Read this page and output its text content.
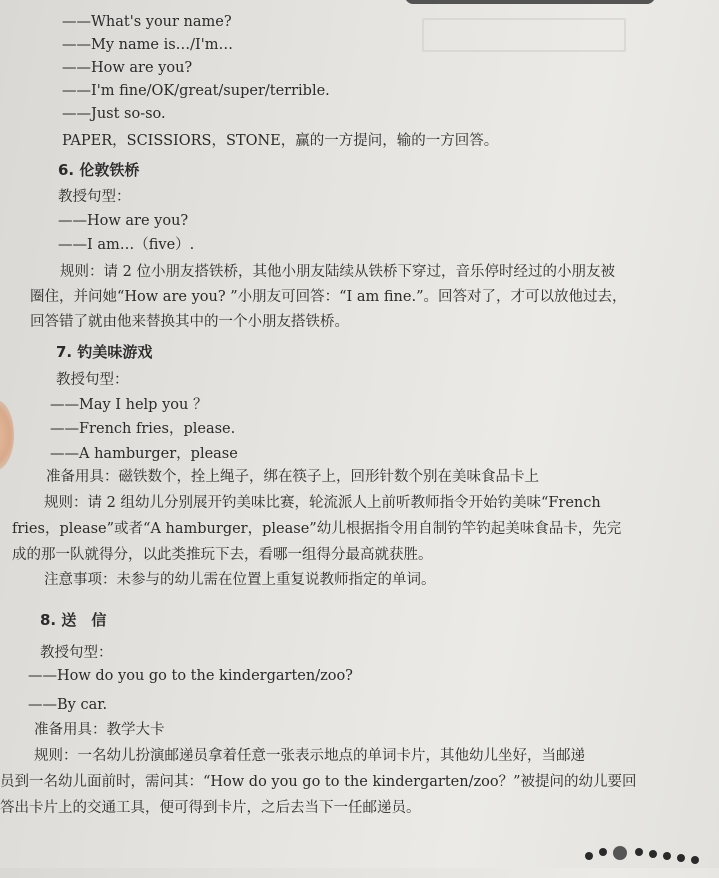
——What's your name?
——My name is…/I'm…
——How are you?
——I'm fine/OK/great/super/terrible.
——Just so-so.
PAPER，SCISSIORS，STONE，赢的一方提问，输的一方回答。
6. 伦敦铁桥
教授句型：
——How are you?
——I am…（five）.
规则：请 2 位小朋友搭铁桥，其他小朋友陆续从铁桥下穿过，音乐停时经过的小朋友被
圈住，并问她“How are you? ”小朋友可回答：“I am fine.”。回答对了，才可以放他过去，
回答错了就由他来替换其中的一个小朋友搭铁桥。
7. 钓美味游戏
教授句型：
——May I help you ？
——French fries，please.
——A hamburger，please
准备用具：磁铁数个，拴上绳子，绑在筷子上，回形针数个别在美味食品卡上
规则：请 2 组幼儿分别展开钓美味比赛，轮流派人上前听教师指令开始钓美味“French
fries，please”或者“A hamburger，please”幼儿根据指令用自制钓竿钓起美味食品卡，先完
成的那一队就得分，以此类推玩下去，看哪一组得分最高就获胜。
注意事项：未参与的幼儿需在位置上重复说教师指定的单词。
8. 送　信
教授句型：
——How do you go to the kindergarten/zoo?
——By car.
准备用具：教学大卡
规则：一名幼儿扮演邮递员拿着任意一张表示地点的单词卡片，其他幼儿坐好，当邮递
员到一名幼儿面前时，需问其：“How do you go to the kindergarten/zoo？”被提问的幼儿要回
答出卡片上的交通工具，便可得到卡片，之后去当下一任邮递员。
